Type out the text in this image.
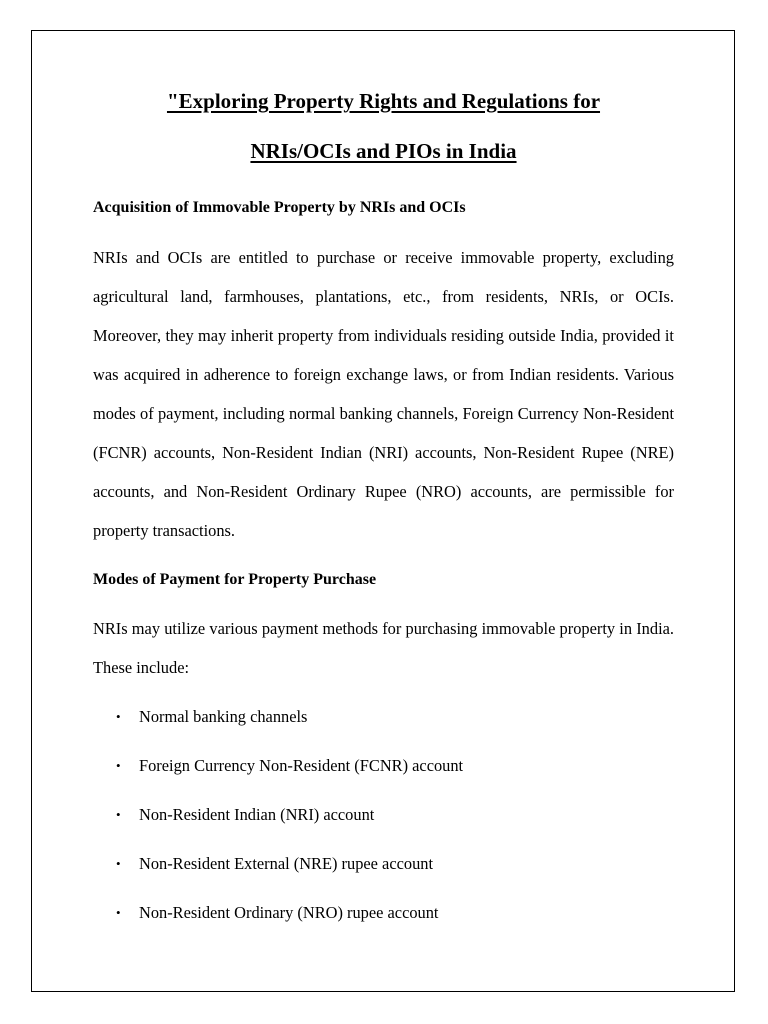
"Exploring Property Rights and Regulations for
NRIs/OCIs and PIOs in India
Acquisition of Immovable Property by NRIs and OCIs

NRIs and OCIs are entitled to purchase or receive immovable property, excluding agricultural land, farmhouses, plantations, etc., from residents, NRIs, or OCIs. Moreover, they may inherit property from individuals residing outside India, provided it was acquired in adherence to foreign exchange laws, or from Indian residents. Various modes of payment, including normal banking channels, Foreign Currency Non-Resident (FCNR) accounts, Non-Resident Indian (NRI) accounts, Non-Resident Rupee (NRE) accounts, and Non-Resident Ordinary Rupee (NRO) accounts, are permissible for property transactions.

Modes of Payment for Property Purchase

NRIs may utilize various payment methods for purchasing immovable property in India. These include:

• Normal banking channels
• Foreign Currency Non-Resident (FCNR) account
• Non-Resident Indian (NRI) account
• Non-Resident External (NRE) rupee account
• Non-Resident Ordinary (NRO) rupee account
